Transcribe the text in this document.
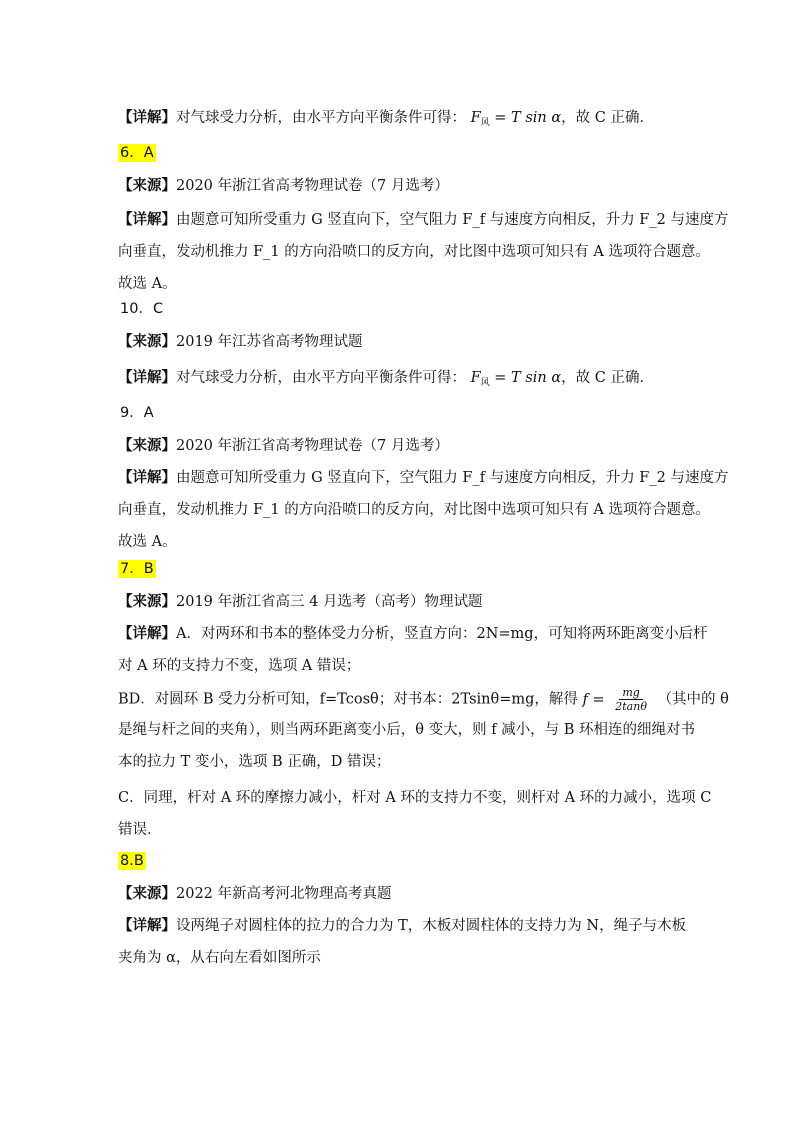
【详解】对气球受力分析，由水平方向平衡条件可得： $F_风 = T$ sin α，故 C 正确．
6．A
【来源】2020 年浙江省高考物理试卷（7 月选考）
【详解】由题意可知所受重力 G 竖直向下，空气阻力 F_f 与速度方向相反，升力 F_2 与速度方
向垂直，发动机推力 F_1 的方向沿喷口的反方向，对比图中选项可知只有 A 选项符合题意。
故选 A。
10．C
【来源】2019 年江苏省高考物理试题
【详解】对气球受力分析，由水平方向平衡条件可得： $F_风 = T$ sin α，故 C 正确．
9．A
【来源】2020 年浙江省高考物理试卷（7 月选考）
【详解】由题意可知所受重力 G 竖直向下，空气阻力 F_f 与速度方向相反，升力 F_2 与速度方
向垂直，发动机推力 F_1 的方向沿喷口的反方向，对比图中选项可知只有 A 选项符合题意。
故选 A。
7．B
【来源】2019 年浙江省高三 4 月选考（高考）物理试题
【详解】A．对两环和书本的整体受力分析，竖直方向：2N=mg，可知将两环距离变小后杆
对 A 环的支持力不变，选项 A 错误；
BD．对圆环 B 受力分析可知，f=Tcosθ；对书本：2Tsinθ=mg，解得 $f = \frac{mg}{2\tan\theta}$ （其中的 θ
是绳与杆之间的夹角），则当两环距离变小后，θ 变大，则 f 减小，与 B 环相连的细绳对书
本的拉力 T 变小，选项 B 正确，D 错误；
C．同理，杆对 A 环的摩擦力减小，杆对 A 环的支持力不变，则杆对 A 环的力减小，选项 C
错误．
8.B
【来源】2022 年新高考河北物理高考真题
【详解】设两绳子对圆柱体的拉力的合力为 T，木板对圆柱体的支持力为 N，绳子与木板
夹角为 α，从右向左看如图所示
